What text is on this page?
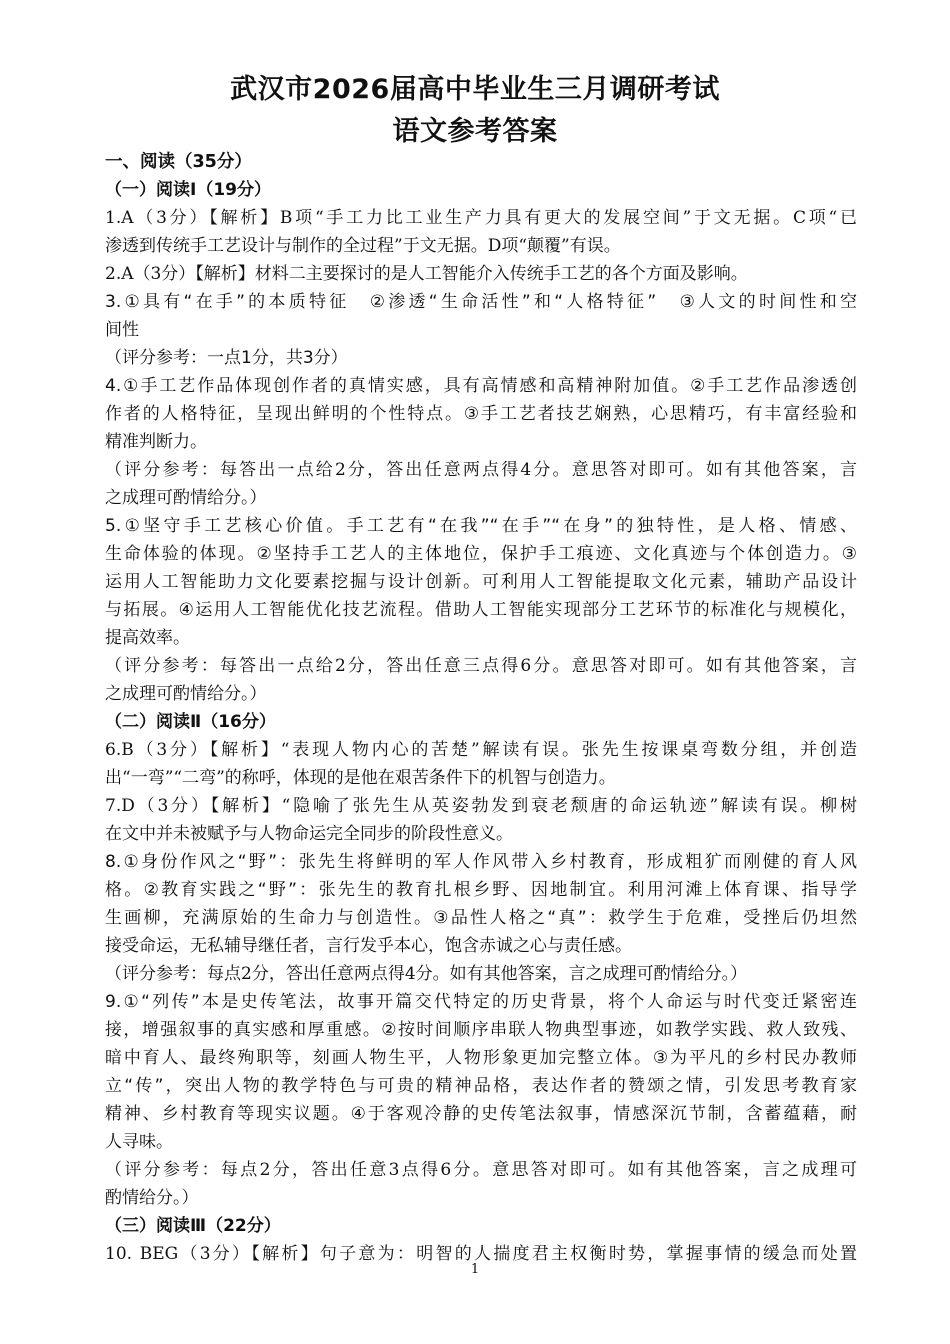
武汉市2026届高中毕业生三月调研考试
语文参考答案
一、阅读（35分）
（一）阅读Ⅰ（19分）
1.A（3分）【解析】B项“手工力比工业生产力具有更大的发展空间”于文无据。C项“已
渗透到传统手工艺设计与制作的全过程”于文无据。D项“颠覆”有误。
2.A（3分）【解析】材料二主要探讨的是人工智能介入传统手工艺的各个方面及影响。
3.①具有“在手”的本质特征　②渗透“生命活性”和“人格特征”　③人文的时间性和空
间性
（评分参考：一点1分，共3分）
4.①手工艺作品体现创作者的真情实感，具有高情感和高精神附加值。②手工艺作品渗透创
作者的人格特征，呈现出鲜明的个性特点。③手工艺者技艺娴熟，心思精巧，有丰富经验和
精准判断力。
（评分参考：每答出一点给2分，答出任意两点得4分。意思答对即可。如有其他答案，言
之成理可酌情给分。）
5.①坚守手工艺核心价值。手工艺有“在我”“在手”“在身”的独特性，是人格、情感、
生命体验的体现。②坚持手工艺人的主体地位，保护手工痕迹、文化真迹与个体创造力。③
运用人工智能助力文化要素挖掘与设计创新。可利用人工智能提取文化元素，辅助产品设计
与拓展。④运用人工智能优化技艺流程。借助人工智能实现部分工艺环节的标准化与规模化，
提高效率。
（评分参考：每答出一点给2分，答出任意三点得6分。意思答对即可。如有其他答案，言
之成理可酌情给分。）
（二）阅读Ⅱ（16分）
6.B（3分）【解析】“表现人物内心的苦楚”解读有误。张先生按课桌弯数分组，并创造
出“一弯”“二弯”的称呼，体现的是他在艰苦条件下的机智与创造力。
7.D（3分）【解析】“隐喻了张先生从英姿勃发到衰老颓唐的命运轨迹”解读有误。柳树
在文中并未被赋予与人物命运完全同步的阶段性意义。
8.①身份作风之“野”：张先生将鲜明的军人作风带入乡村教育，形成粗犷而刚健的育人风
格。②教育实践之“野”：张先生的教育扎根乡野、因地制宜。利用河滩上体育课、指导学
生画柳，充满原始的生命力与创造性。③品性人格之“真”：救学生于危难，受挫后仍坦然
接受命运，无私辅导继任者，言行发乎本心，饱含赤诚之心与责任感。
（评分参考：每点2分，答出任意两点得4分。如有其他答案，言之成理可酌情给分。）
9.①“列传”本是史传笔法，故事开篇交代特定的历史背景，将个人命运与时代变迁紧密连
接，增强叙事的真实感和厚重感。②按时间顺序串联人物典型事迹，如教学实践、救人致残、
暗中育人、最终殉职等，刻画人物生平，人物形象更加完整立体。③为平凡的乡村民办教师
立“传”，突出人物的教学特色与可贵的精神品格，表达作者的赞颂之情，引发思考教育家
精神、乡村教育等现实议题。④于客观冷静的史传笔法叙事，情感深沉节制，含蓄蕴藉，耐
人寻味。
（评分参考：每点2分，答出任意3点得6分。意思答对即可。如有其他答案，言之成理可
酌情给分。）
（三）阅读Ⅲ（22分）
10. BEG（3分）【解析】句子意为：明智的人揣度君主权衡时势，掌握事情的缓急而处置
1
